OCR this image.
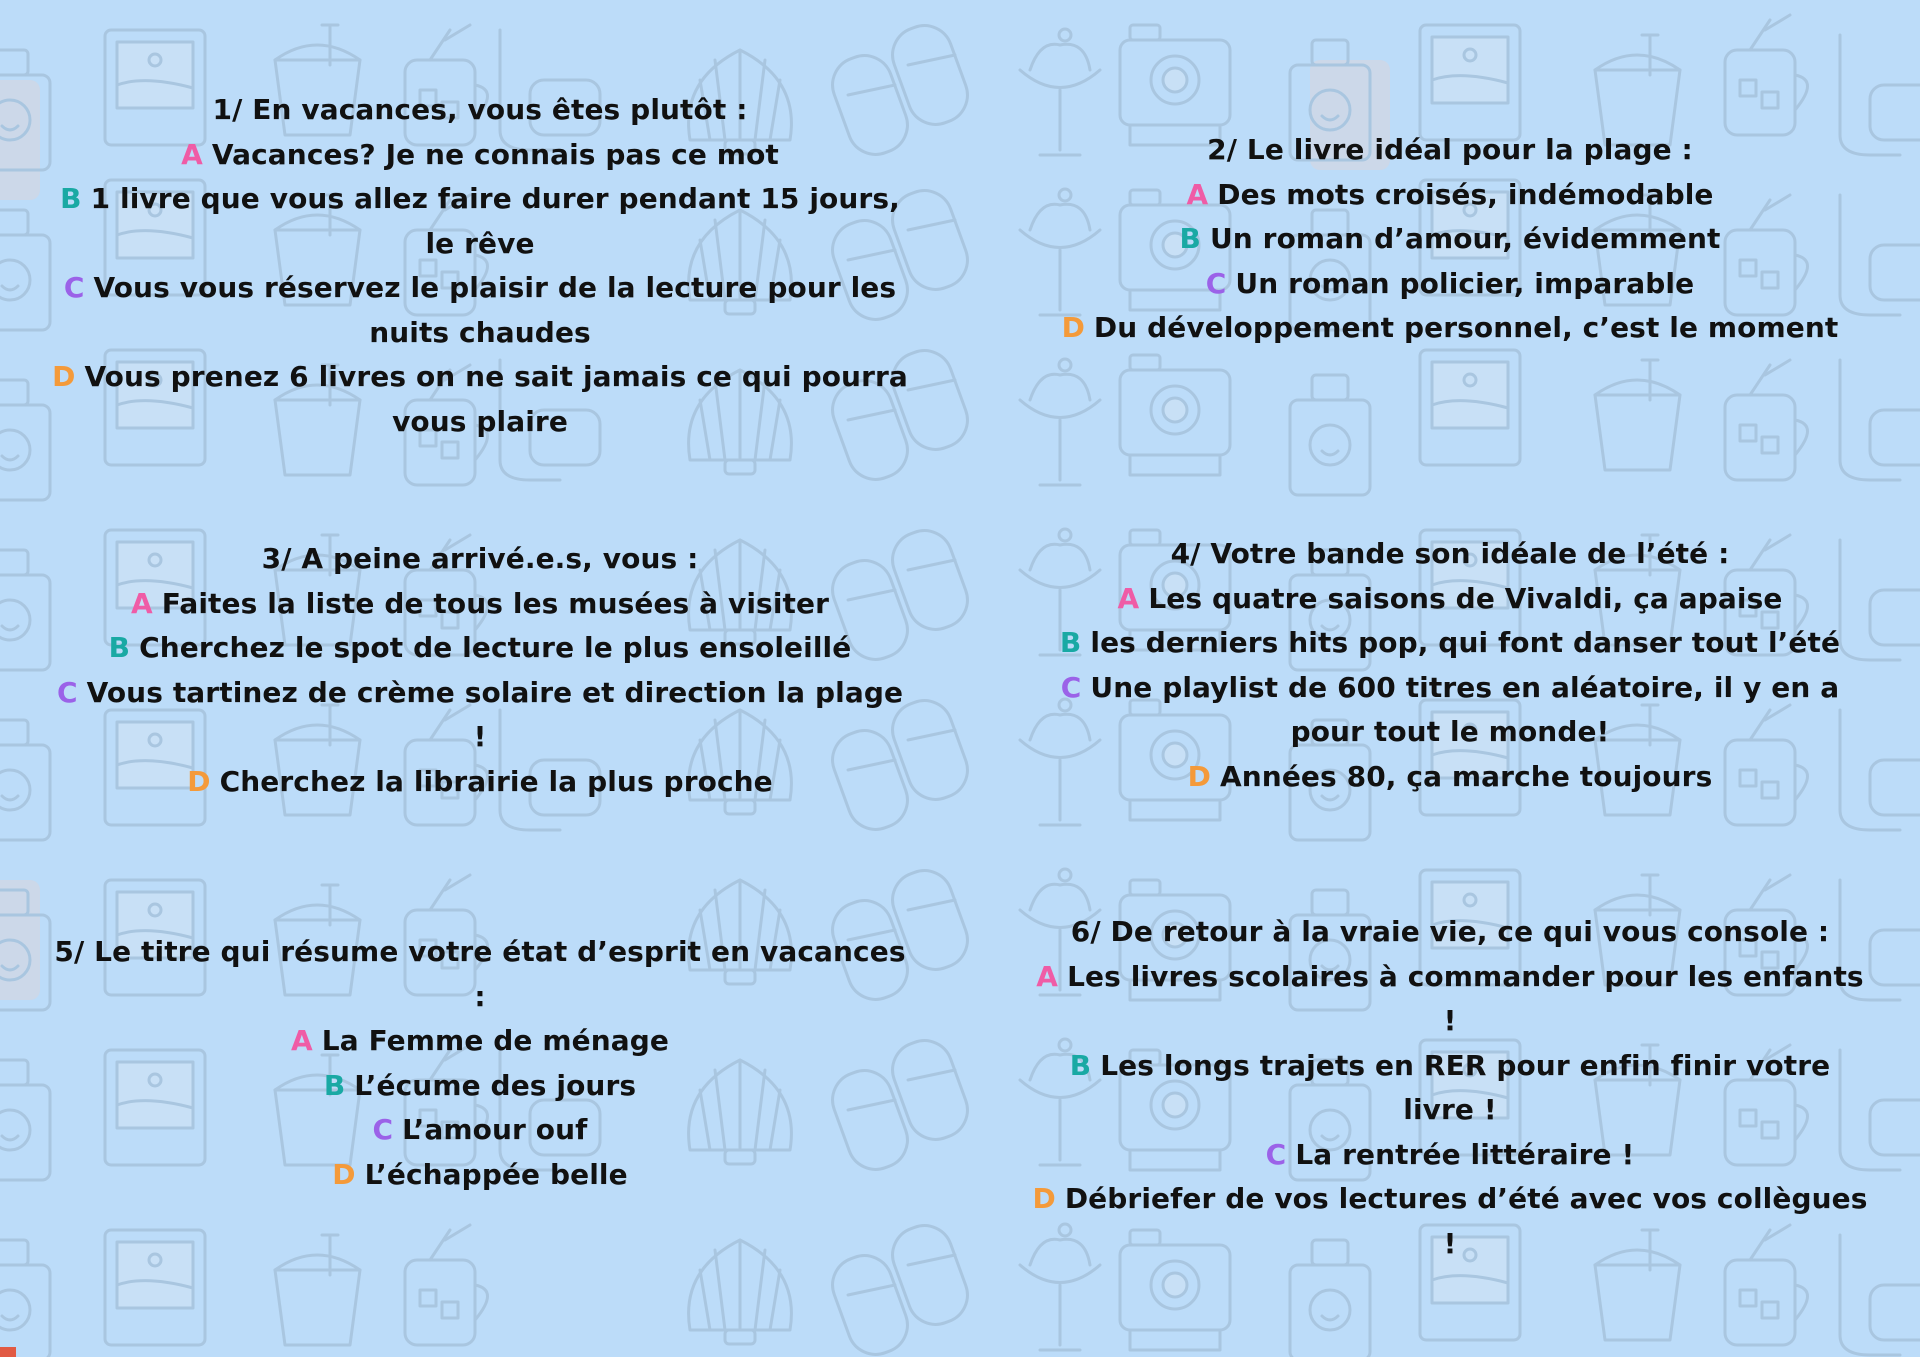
1/ En vacances, vous êtes plutôt :

A Vacances? Je ne connais pas ce mot

B 1 livre que vous allez faire durer pendant 15 jours, le rêve

C Vous vous réservez le plaisir de la lecture pour les nuits chaudes

D Vous prenez 6 livres on ne sait jamais ce qui pourra vous plaire

2/ Le livre idéal pour la plage :

A Des mots croisés, indémodable

B Un roman d’amour, évidemment

C Un roman policier, imparable

D Du développement personnel, c’est le moment

3/ A peine arrivé.e.s, vous :

A Faites la liste de tous les musées à visiter

B Cherchez le spot de lecture le plus ensoleillé

C Vous tartinez de crème solaire et direction la plage !

D Cherchez la librairie la plus proche

4/ Votre bande son idéale de l’été :

A Les quatre saisons de Vivaldi, ça apaise

B les derniers hits pop, qui font danser tout l’été

C Une playlist de 600 titres en aléatoire, il y en a pour tout le monde!

D Années 80, ça marche toujours

5/ Le titre qui résume votre état d’esprit en vacances :

A La Femme de ménage

B L’écume des jours

C L’amour ouf

D L’échappée belle

6/ De retour à la vraie vie, ce qui vous console :

A Les livres scolaires à commander pour les enfants !

B Les longs trajets en RER pour enfin finir votre livre !

C La rentrée littéraire !

D Débriefer de vos lectures d’été avec vos collègues !
